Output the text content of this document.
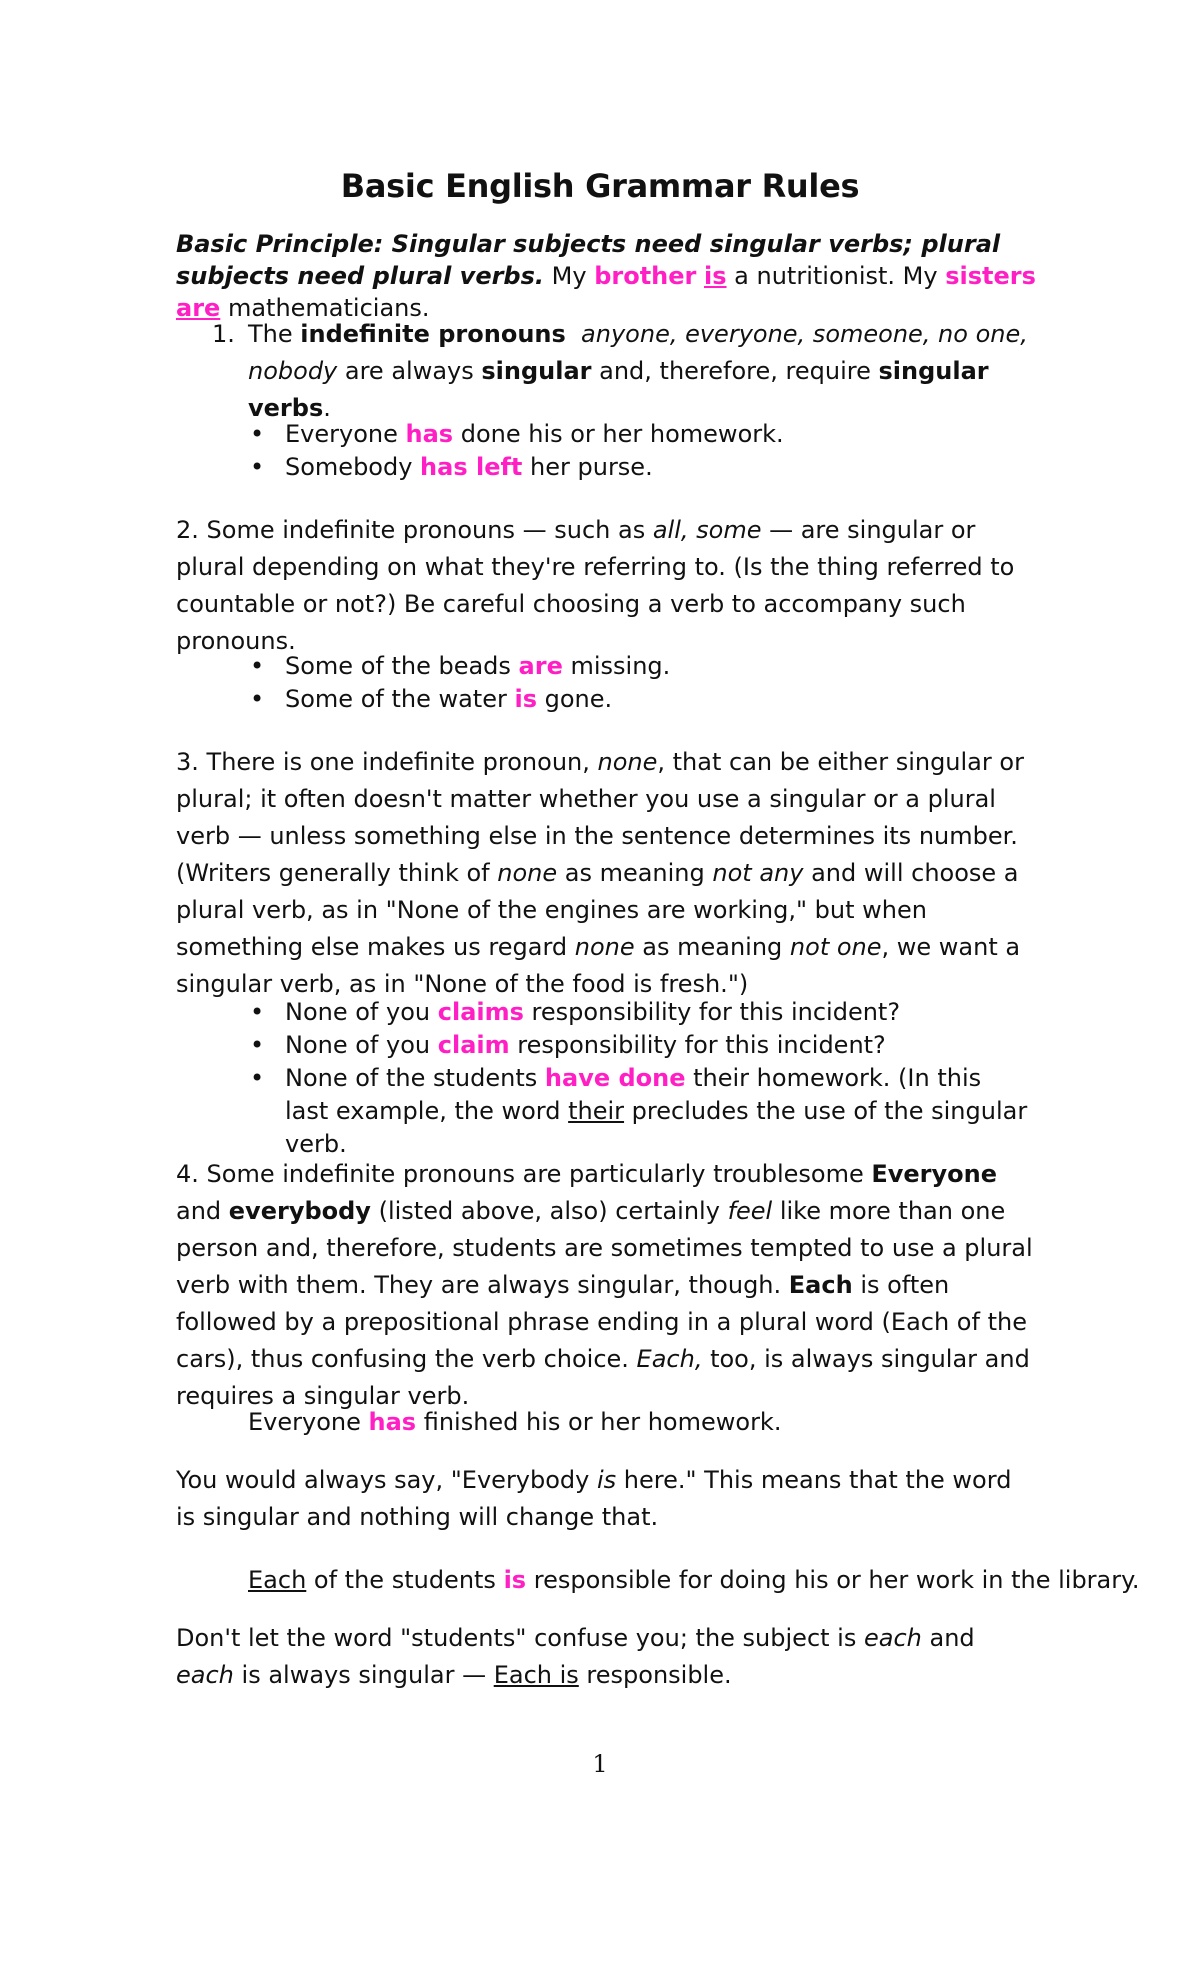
Basic English Grammar Rules

Basic Principle: Singular subjects need singular verbs; plural subjects need plural verbs. My brother is a nutritionist. My sisters are mathematicians.

1. The indefinite pronouns anyone, everyone, someone, no one, nobody are always singular and, therefore, require singular verbs.

• Everyone has done his or her homework.

• Somebody has left her purse.

2. Some indefinite pronouns — such as all, some — are singular or plural depending on what they're referring to. (Is the thing referred to countable or not?) Be careful choosing a verb to accompany such pronouns.

• Some of the beads are missing.

• Some of the water is gone.

3. There is one indefinite pronoun, none, that can be either singular or plural; it often doesn't matter whether you use a singular or a plural verb — unless something else in the sentence determines its number. (Writers generally think of none as meaning not any and will choose a plural verb, as in "None of the engines are working," but when something else makes us regard none as meaning not one, we want a singular verb, as in "None of the food is fresh.")

• None of you claims responsibility for this incident?

• None of you claim responsibility for this incident?

• None of the students have done their homework. (In this last example, the word their precludes the use of the singular verb.

4. Some indefinite pronouns are particularly troublesome Everyone and everybody (listed above, also) certainly feel like more than one person and, therefore, students are sometimes tempted to use a plural verb with them. They are always singular, though. Each is often followed by a prepositional phrase ending in a plural word (Each of the cars), thus confusing the verb choice. Each, too, is always singular and requires a singular verb.

Everyone has finished his or her homework.

You would always say, "Everybody is here." This means that the word is singular and nothing will change that.

Each of the students is responsible for doing his or her work in the library.

Don't let the word "students" confuse you; the subject is each and each is always singular — Each is responsible.

1
